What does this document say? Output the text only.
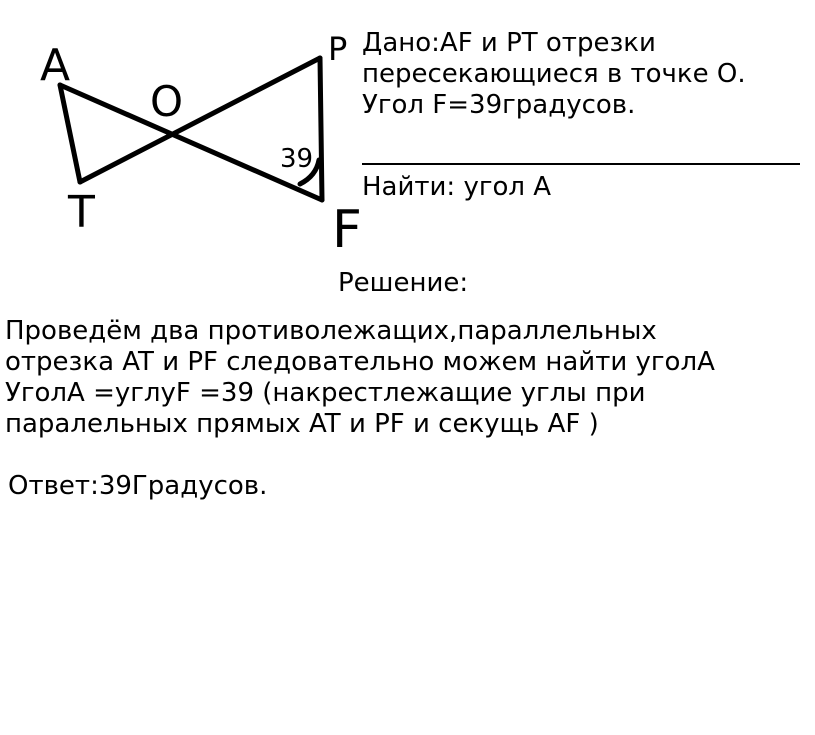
A
T
O
P
F
39
Дано:AF и PT отрезки
пересекающиеся в точке О.
Угол F=39градусов.
Найти: угол А
Решение:
Проведём два противолежащих,параллельных
отрезка AT и PF следовательно можем найти уголА
УголА =углуF =39 (накрестлежащие углы при
паралельных прямых AT и PF и секущь AF )
Ответ:39Градусов.
